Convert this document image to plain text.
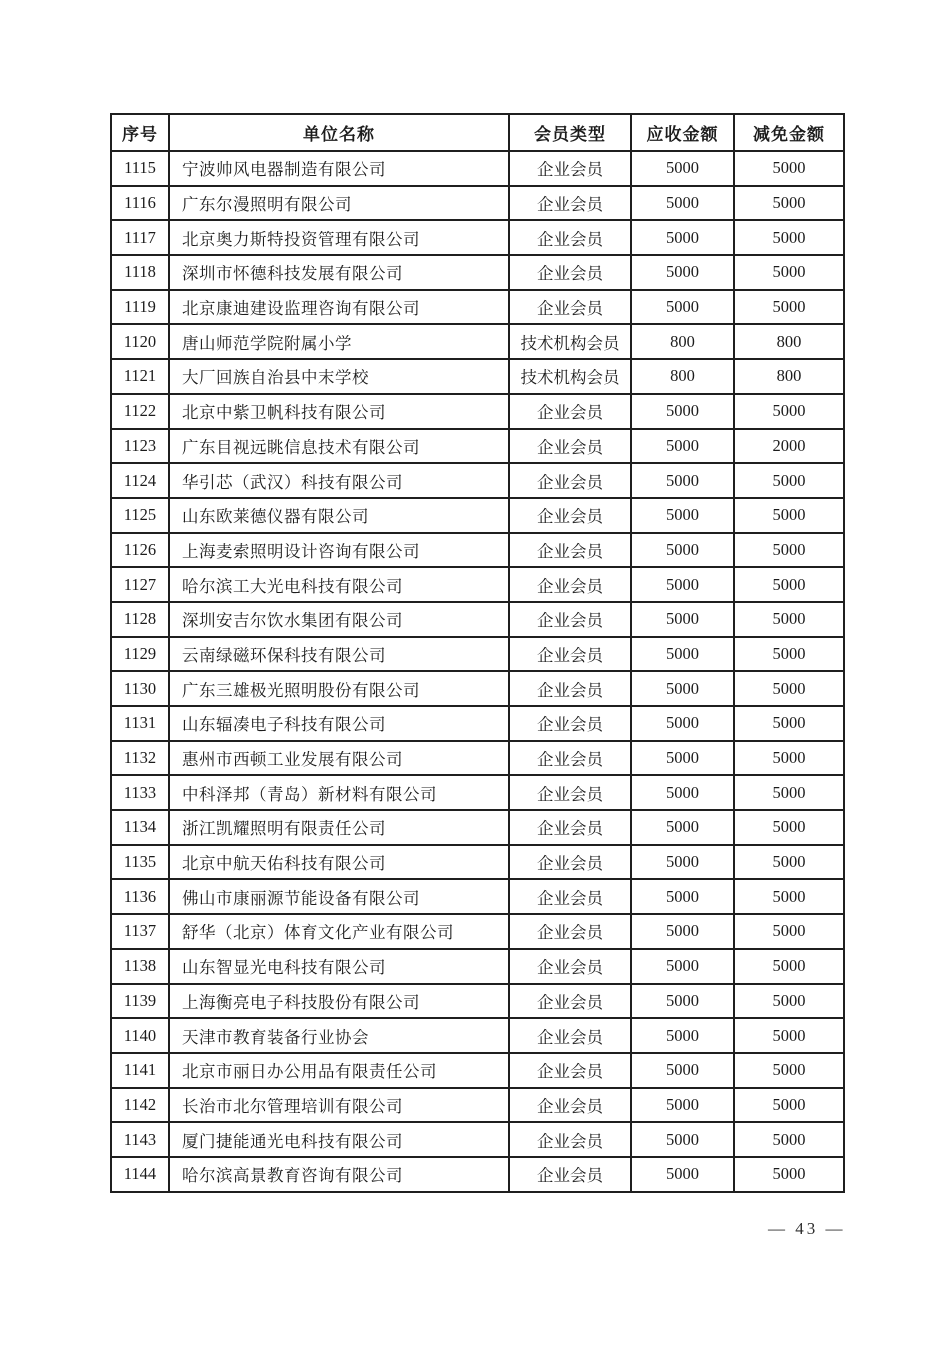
序号	单位名称	会员类型	应收金额	减免金额
1115	宁波帅风电器制造有限公司	企业会员	5000	5000
1116	广东尔漫照明有限公司	企业会员	5000	5000
1117	北京奥力斯特投资管理有限公司	企业会员	5000	5000
1118	深圳市怀德科技发展有限公司	企业会员	5000	5000
1119	北京康迪建设监理咨询有限公司	企业会员	5000	5000
1120	唐山师范学院附属小学	技术机构会员	800	800
1121	大厂回族自治县中末学校	技术机构会员	800	800
1122	北京中紫卫帆科技有限公司	企业会员	5000	5000
1123	广东目视远眺信息技术有限公司	企业会员	5000	2000
1124	华引芯（武汉）科技有限公司	企业会员	5000	5000
1125	山东欧莱德仪器有限公司	企业会员	5000	5000
1126	上海麦索照明设计咨询有限公司	企业会员	5000	5000
1127	哈尔滨工大光电科技有限公司	企业会员	5000	5000
1128	深圳安吉尔饮水集团有限公司	企业会员	5000	5000
1129	云南绿磁环保科技有限公司	企业会员	5000	5000
1130	广东三雄极光照明股份有限公司	企业会员	5000	5000
1131	山东辐凑电子科技有限公司	企业会员	5000	5000
1132	惠州市西顿工业发展有限公司	企业会员	5000	5000
1133	中科泽邦（青岛）新材料有限公司	企业会员	5000	5000
1134	浙江凯耀照明有限责任公司	企业会员	5000	5000
1135	北京中航天佑科技有限公司	企业会员	5000	5000
1136	佛山市康丽源节能设备有限公司	企业会员	5000	5000
1137	舒华（北京）体育文化产业有限公司	企业会员	5000	5000
1138	山东智显光电科技有限公司	企业会员	5000	5000
1139	上海衡亮电子科技股份有限公司	企业会员	5000	5000
1140	天津市教育装备行业协会	企业会员	5000	5000
1141	北京市丽日办公用品有限责任公司	企业会员	5000	5000
1142	长治市北尔管理培训有限公司	企业会员	5000	5000
1143	厦门捷能通光电科技有限公司	企业会员	5000	5000
1144	哈尔滨高景教育咨询有限公司	企业会员	5000	5000
— 43 —
